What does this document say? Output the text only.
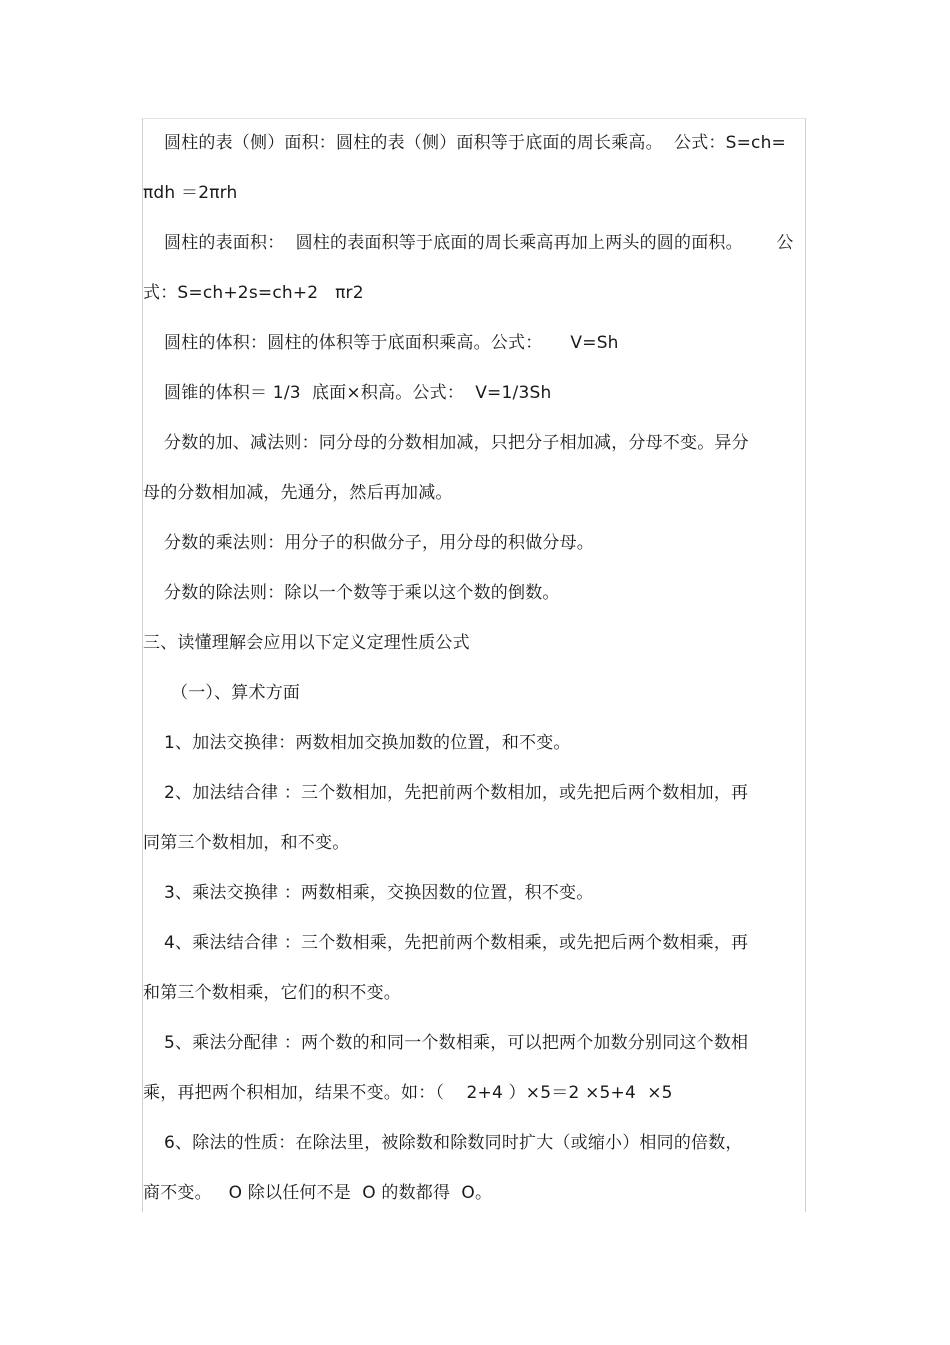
圆柱的表（侧）面积：圆柱的表（侧）面积等于底面的周长乘高。  公式：S=ch=
πdh ＝2πrh
圆柱的表面积：  圆柱的表面积等于底面的周长乘高再加上两头的圆的面积。      公
式：S=ch+2s=ch+2   πr2
圆柱的体积：圆柱的体积等于底面积乘高。公式：     V=Sh
圆锥的体积＝ 1/3  底面×积高。公式：  V=1/3Sh
分数的加、减法则：同分母的分数相加减，只把分子相加减，分母不变。异分
母的分数相加减，先通分，然后再加减。
分数的乘法则：用分子的积做分子，用分母的积做分母。
分数的除法则：除以一个数等于乘以这个数的倒数。
三、读懂理解会应用以下定义定理性质公式
（一）、算术方面
1、加法交换律：两数相加交换加数的位置，和不变。
2、加法结合律 ：三个数相加，先把前两个数相加，或先把后两个数相加，再
同第三个数相加，和不变。
3、乘法交换律 ：两数相乘，交换因数的位置，积不变。
4、乘法结合律 ：三个数相乘，先把前两个数相乘，或先把后两个数相乘，再
和第三个数相乘，它们的积不变。
5、乘法分配律 ：两个数的和同一个数相乘，可以把两个加数分别同这个数相
乘，再把两个积相加，结果不变。如：（    2+4 ）×5＝2 ×5+4  ×5
6、除法的性质：在除法里，被除数和除数同时扩大（或缩小）相同的倍数，
商不变。   O 除以任何不是  O 的数都得  O。
